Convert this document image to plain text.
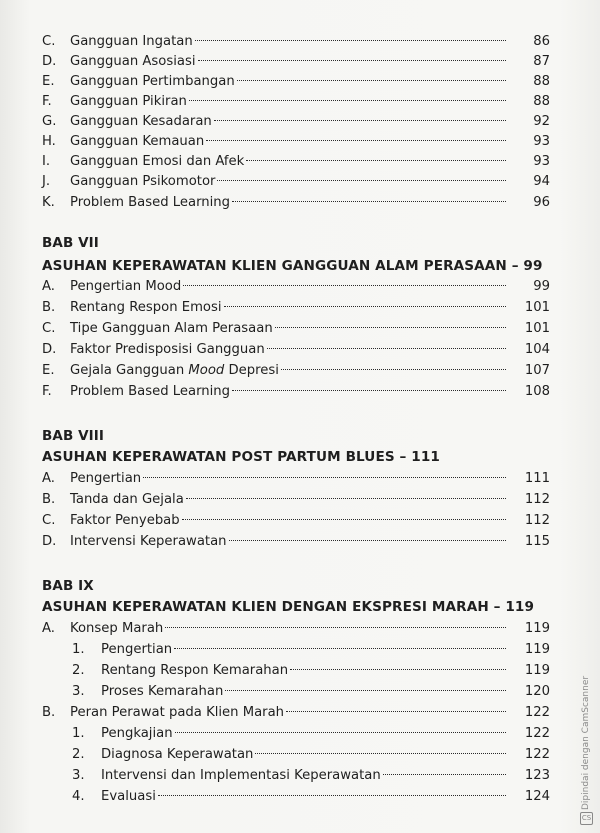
C. Gangguan Ingatan	86
D. Gangguan Asosiasi	87
E. Gangguan Pertimbangan	88
F. Gangguan Pikiran	88
G. Gangguan Kesadaran	92
H. Gangguan Kemauan	93
I. Gangguan Emosi dan Afek	93
J. Gangguan Psikomotor	94
K. Problem Based Learning	96
BAB VII
ASUHAN KEPERAWATAN KLIEN GANGGUAN ALAM PERASAAN – 99
A. Pengertian Mood	99
B. Rentang Respon Emosi	101
C. Tipe Gangguan Alam Perasaan	101
D. Faktor Predisposisi Gangguan	104
E. Gejala Gangguan Mood Depresi	107
F. Problem Based Learning	108
BAB VIII
ASUHAN KEPERAWATAN POST PARTUM BLUES – 111
A. Pengertian	111
B. Tanda dan Gejala	112
C. Faktor Penyebab	112
D. Intervensi Keperawatan	115
BAB IX
ASUHAN KEPERAWATAN KLIEN DENGAN EKSPRESI MARAH – 119
A. Konsep Marah	119
1. Pengertian	119
2. Rentang Respon Kemarahan	119
3. Proses Kemarahan	120
B. Peran Perawat pada Klien Marah	122
1. Pengkajian	122
2. Diagnosa Keperawatan	122
3. Intervensi dan Implementasi Keperawatan	123
4. Evaluasi	124	Dipindai dengan CamScanner
CS
